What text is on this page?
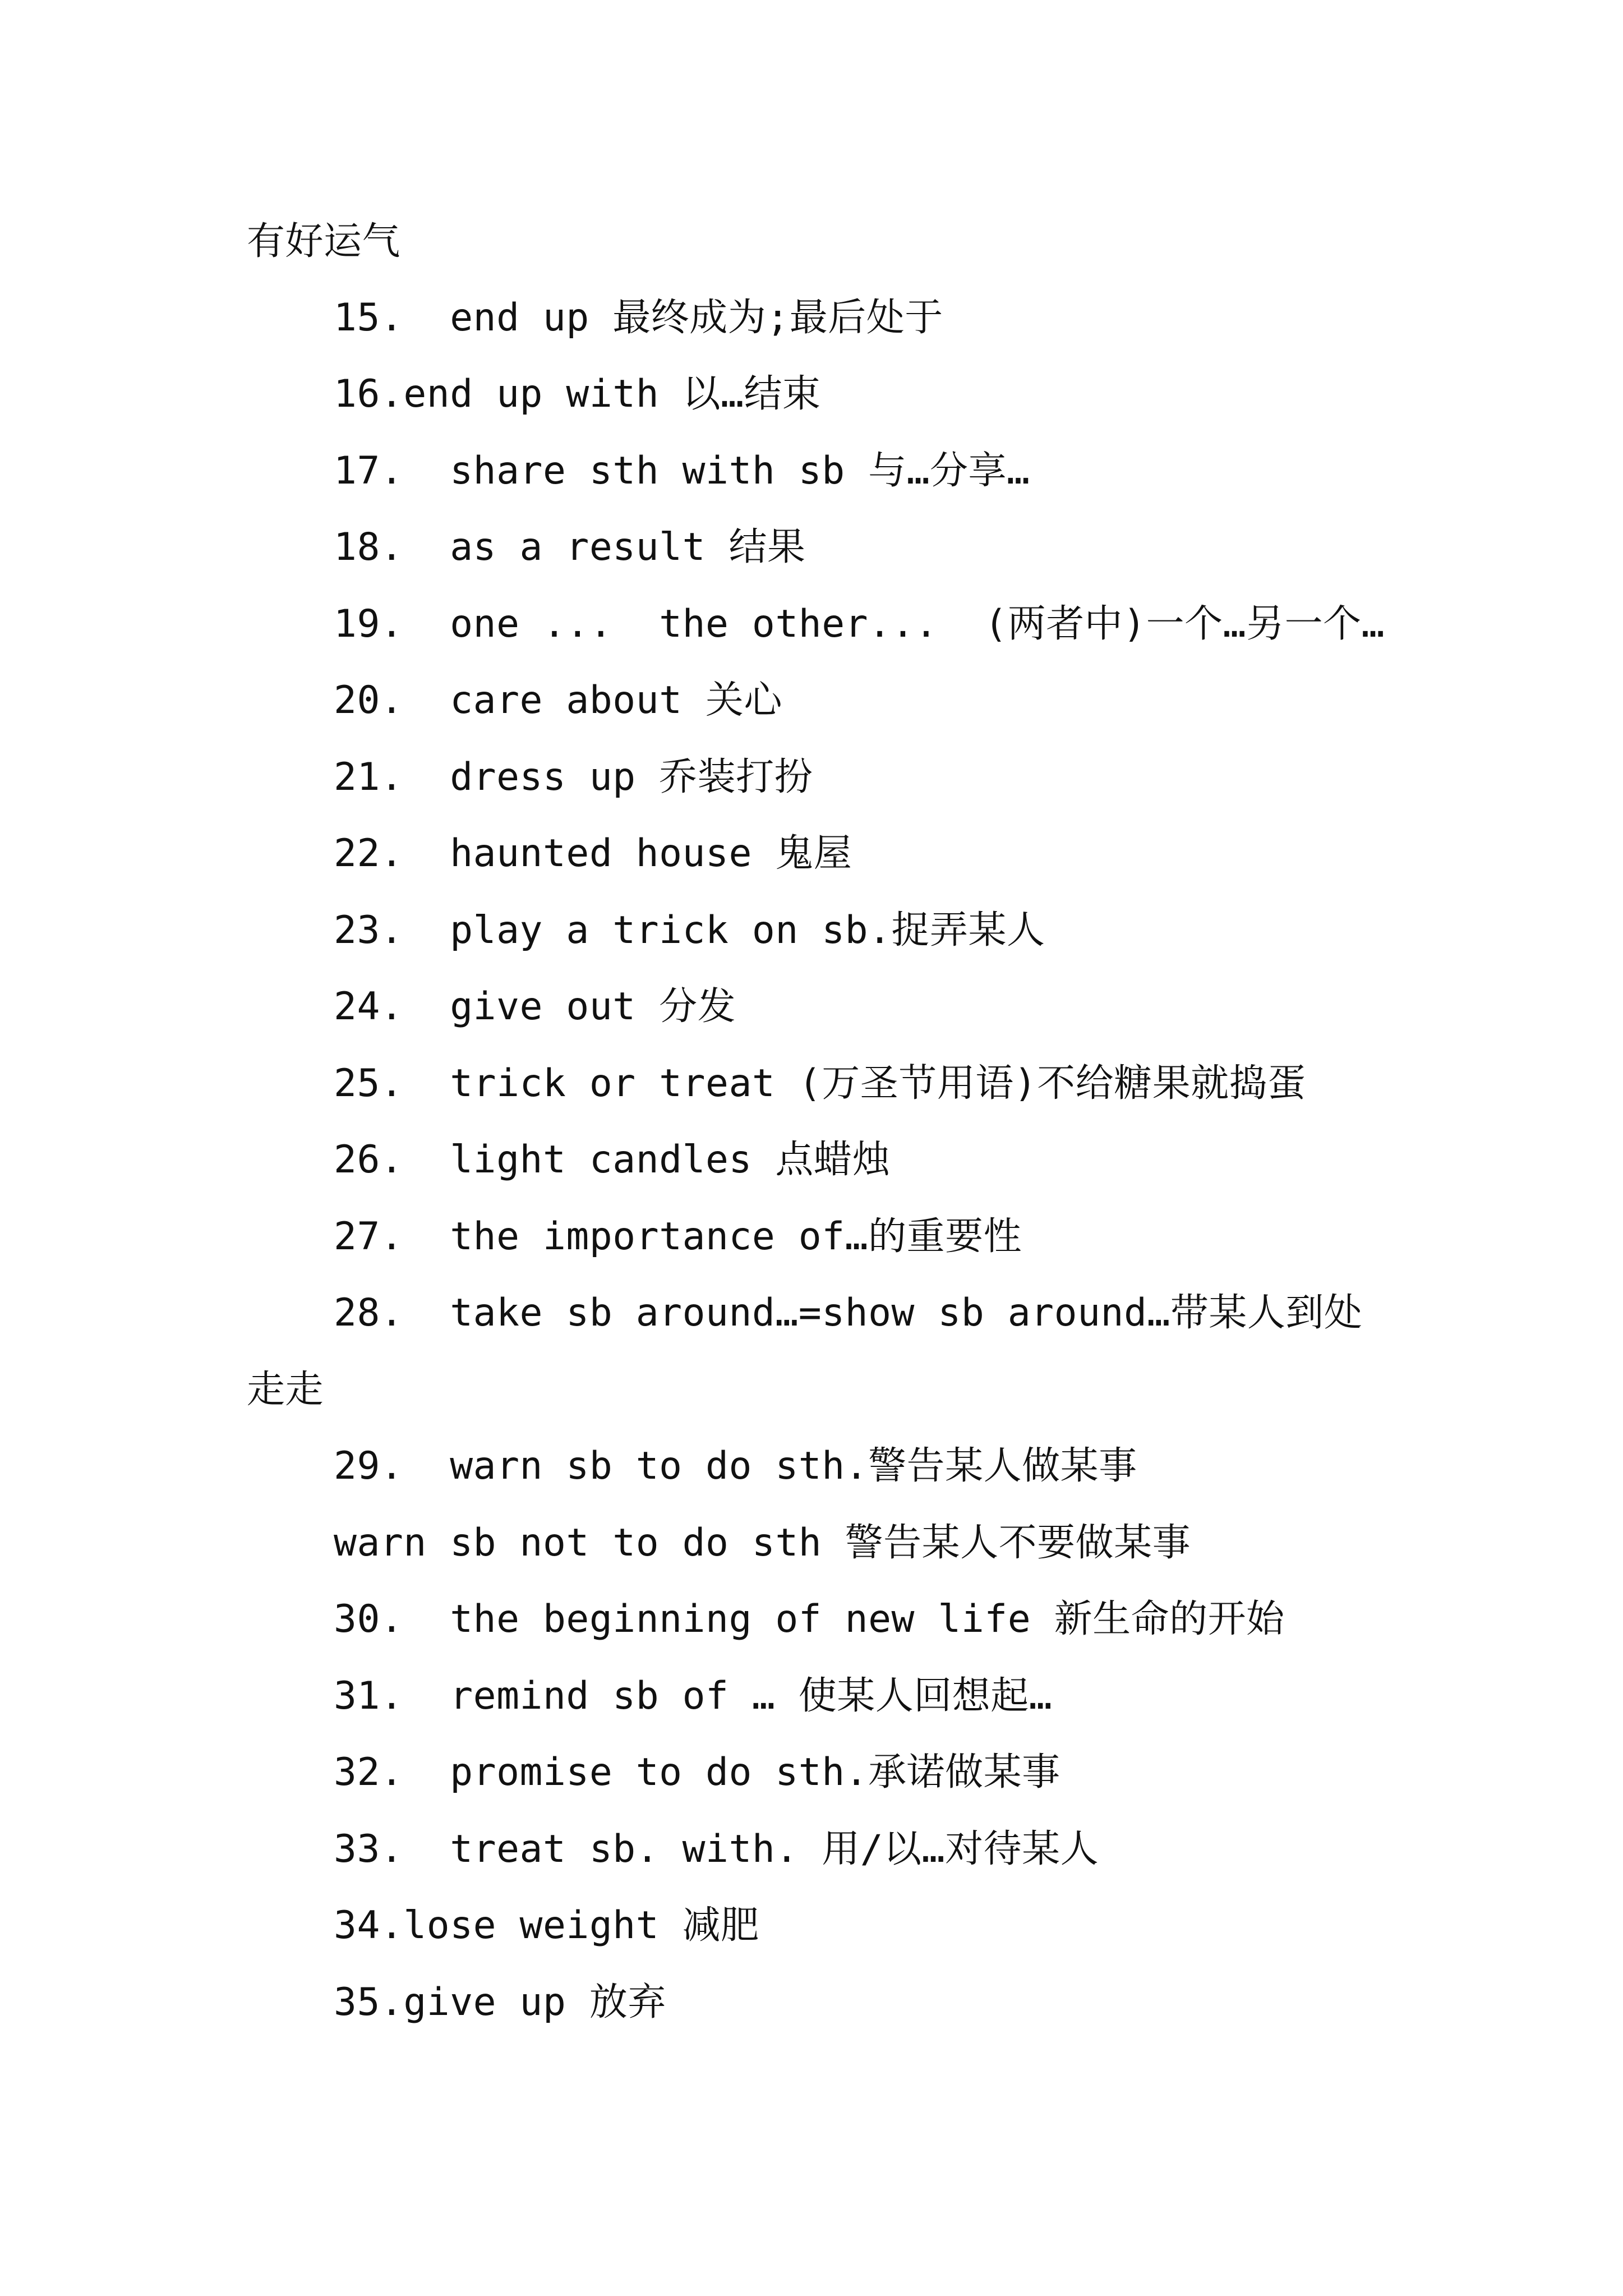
有好运气

15.  end up 最终成为;最后处于

16.end up with 以…结束

17.  share sth with sb 与…分享…

18.  as a result 结果

19.  one ...  the other...  (两者中)一个…另一个…

20.  care about 关心

21.  dress up 乔装打扮

22.  haunted house 鬼屋

23.  play a trick on sb.捉弄某人

24.  give out 分发

25.  trick or treat (万圣节用语)不给糖果就捣蛋

26.  light candles 点蜡烛

27.  the importance of…的重要性

28.  take sb around…=show sb around…带某人到处

走走

29.  warn sb to do sth.警告某人做某事

warn sb not to do sth 警告某人不要做某事

30.  the beginning of new life 新生命的开始

31.  remind sb of … 使某人回想起…

32.  promise to do sth.承诺做某事

33.  treat sb. with. 用/以…对待某人

34.lose weight 减肥

35.give up 放弃
